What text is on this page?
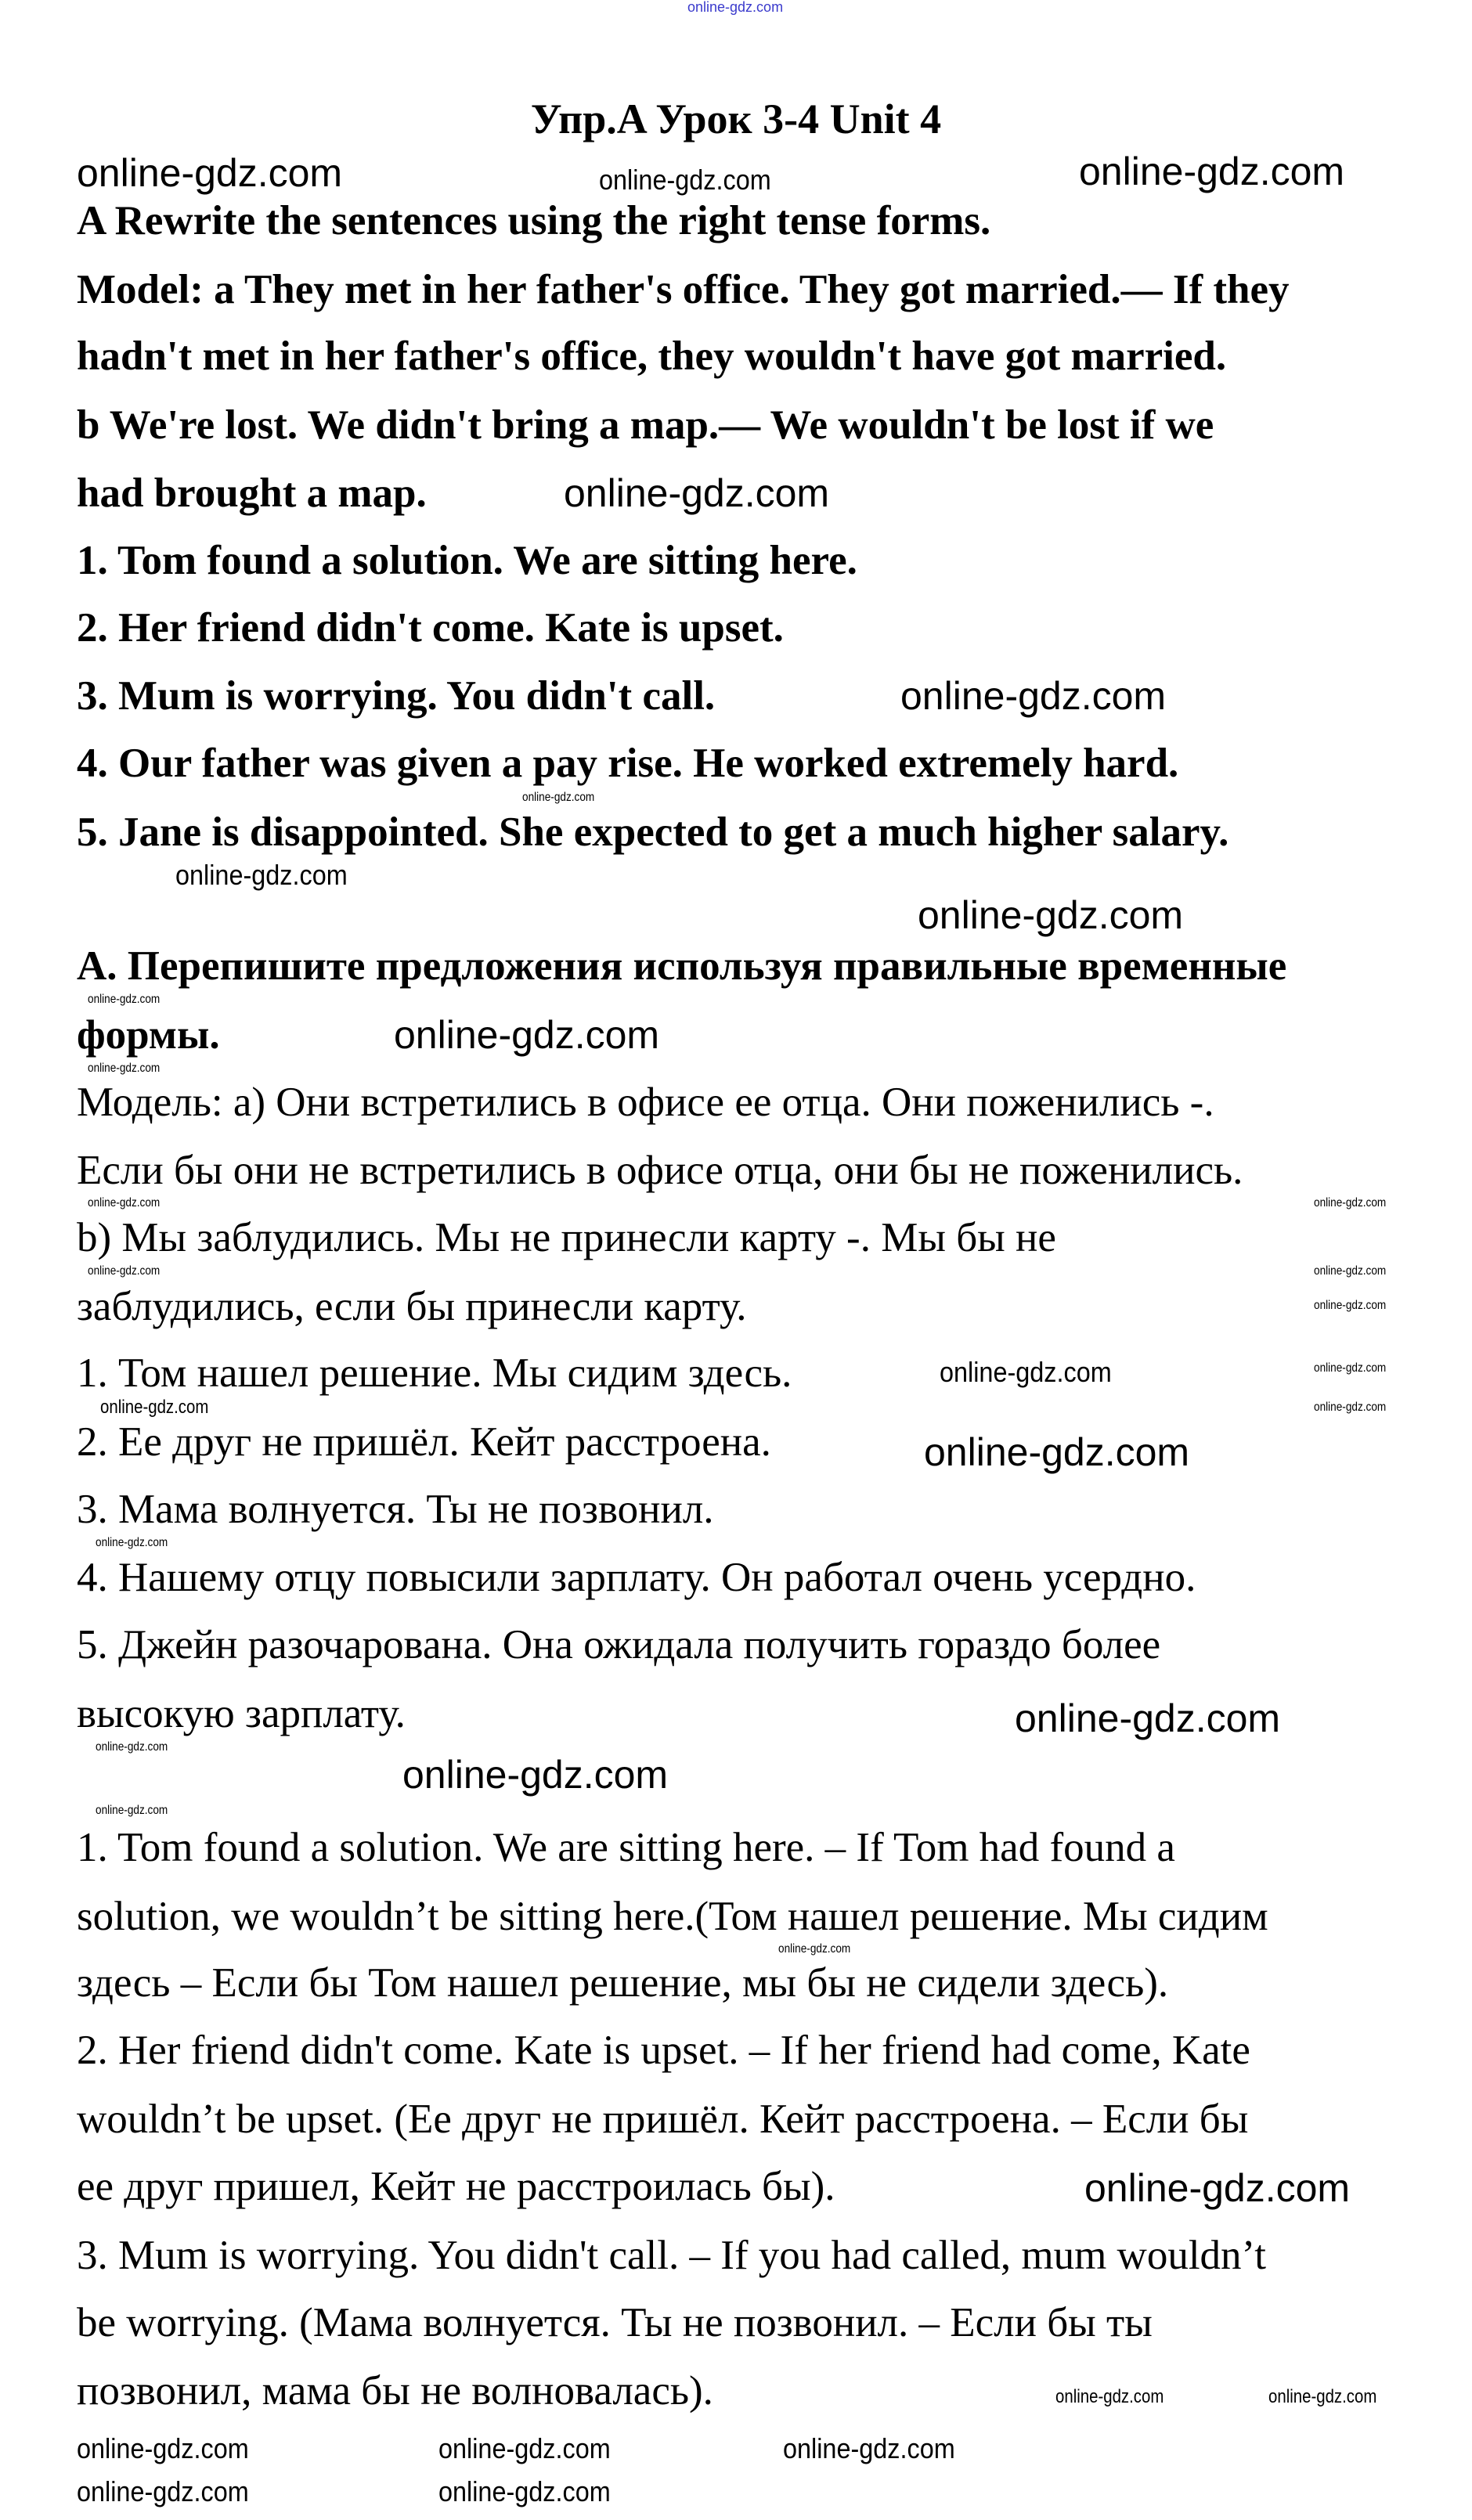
Упр.A Урок 3-4 Unit 4
A Rewrite the sentences using the right tense forms.
Model: a They met in her father's office. They got married.— If they
hadn't met in her father's office, they wouldn't have got married.
b We're lost. We didn't bring a map.— We wouldn't be lost if we
had brought a map.
1. Tom found a solution. We are sitting here.
2. Her friend didn't come. Kate is upset.
3. Mum is worrying. You didn't call.
4. Our father was given a pay rise. He worked extremely hard.
5. Jane is disappointed. She expected to get a much higher salary.
A. Перепишите предложения используя правильные временные
формы.
Модель: a) Они встретились в офисе ее отца. Они поженились -.
Если бы они не встретились в офисе отца, они бы не поженились.
b) Мы заблудились. Мы не принесли карту -. Мы бы не
заблудились, если бы принесли карту.
1. Том нашел решение. Мы сидим здесь.
2. Ее друг не пришёл. Кейт расстроена.
3. Мама волнуется. Ты не позвонил.
4. Нашему отцу повысили зарплату. Он работал очень усердно.
5. Джейн разочарована. Она ожидала получить гораздо более
высокую зарплату.
1. Tom found a solution. We are sitting here. – If Tom had found a
solution, we wouldn’t be sitting here.(Том нашел решение. Мы сидим
здесь – Если бы Том нашел решение, мы бы не сидели здесь).
2. Her friend didn't come. Kate is upset. – If her friend had come, Kate
wouldn’t be upset. (Ее друг не пришёл. Кейт расстроена. – Если бы
ее друг пришел, Кейт не расстроилась бы).
3. Mum is worrying. You didn't call. – If you had called, mum wouldn’t
be worrying. (Мама волнуется. Ты не позвонил. – Если бы ты
позвонил, мама бы не волновалась).
online-gdz.com
online-gdz.com	online-gdz.com	online-gdz.com
online-gdz.com
online-gdz.com
online-gdz.com
online-gdz.com
online-gdz.com
online-gdz.com
online-gdz.com
online-gdz.com
online-gdz.com	online-gdz.com
online-gdz.com
online-gdz.com
online-gdz.com
online-gdz.com
online-gdz.com
online-gdz.com
online-gdz.com
online-gdz.com
online-gdz.com
online-gdz.com
online-gdz.com
online-gdz.com
online-gdz.com
online-gdz.com
online-gdz.com
online-gdz.com
online-gdz.com
online-gdz.com	online-gdz.com
online-gdz.com
online-gdz.com	online-gdz.com
